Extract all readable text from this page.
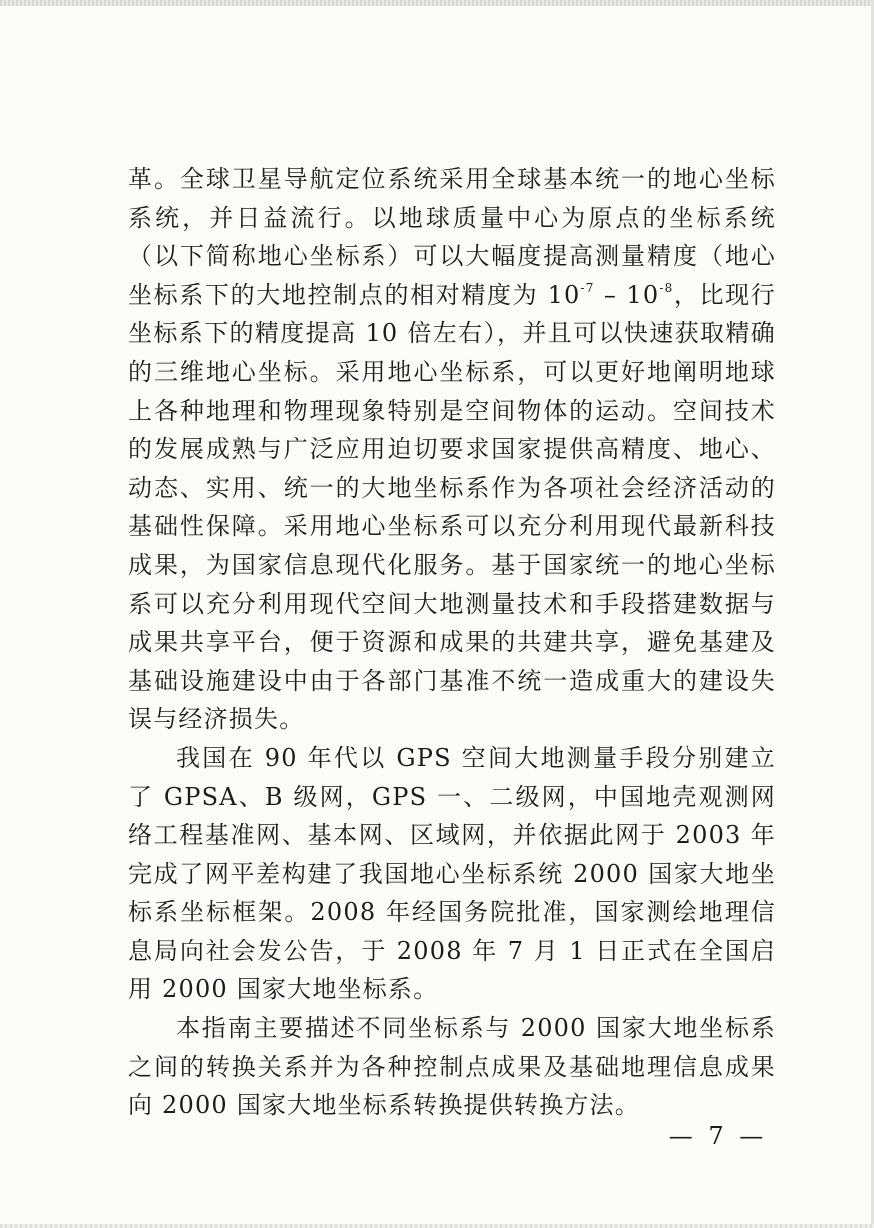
革。全球卫星导航定位系统采用全球基本统一的地心坐标系统，并日益流行。以地球质量中心为原点的坐标系统（以下简称地心坐标系）可以大幅度提高测量精度（地心坐标系下的大地控制点的相对精度为 $10^{-7} - 10^{-8}$，比现行坐标系下的精度提高 10 倍左右），并且可以快速获取精确的三维地心坐标。采用地心坐标系，可以更好地阐明地球上各种地理和物理现象特别是空间物体的运动。空间技术的发展成熟与广泛应用迫切要求国家提供高精度、地心、动态、实用、统一的大地坐标系作为各项社会经济活动的基础性保障。采用地心坐标系可以充分利用现代最新科技成果，为国家信息现代化服务。基于国家统一的地心坐标系可以充分利用现代空间大地测量技术和手段搭建数据与成果共享平台，便于资源和成果的共建共享，避免基建及基础设施建设中由于各部门基准不统一造成重大的建设失误与经济损失。

我国在 90 年代以 GPS 空间大地测量手段分别建立了 GPSA、B 级网，GPS 一、二级网，中国地壳观测网络工程基准网、基本网、区域网，并依据此网于 2003 年完成了网平差构建了我国地心坐标系统 2000 国家大地坐标系坐标框架。2008 年经国务院批准，国家测绘地理信息局向社会发公告，于 2008 年 7 月 1 日正式在全国启用 2000 国家大地坐标系。

本指南主要描述不同坐标系与 2000 国家大地坐标系之间的转换关系并为各种控制点成果及基础地理信息成果向 2000 国家大地坐标系转换提供转换方法。

— 7 —
